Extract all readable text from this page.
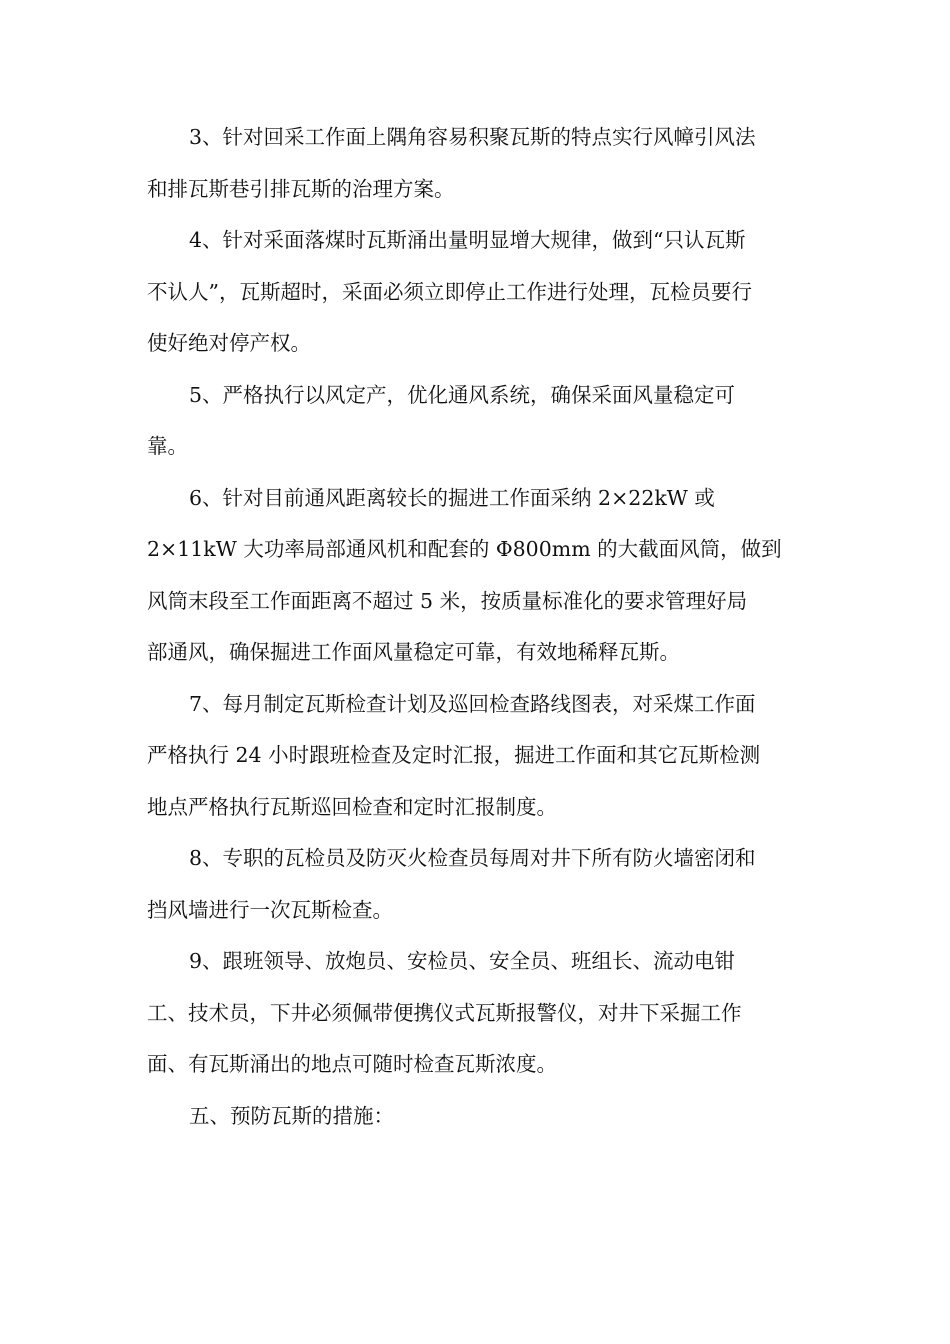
3、针对回采工作面上隅角容易积聚瓦斯的特点实行风幛引风法
和排瓦斯巷引排瓦斯的治理方案。
4、针对采面落煤时瓦斯涌出量明显增大规律，做到“只认瓦斯
不认人”，瓦斯超时，采面必须立即停止工作进行处理，瓦检员要行
使好绝对停产权。
5、严格执行以风定产，优化通风系统，确保采面风量稳定可
靠。
6、针对目前通风距离较长的掘进工作面采纳 2×22kW 或
2×11kW 大功率局部通风机和配套的 Φ800mm 的大截面风筒，做到
风筒末段至工作面距离不超过 5 米，按质量标准化的要求管理好局
部通风，确保掘进工作面风量稳定可靠，有效地稀释瓦斯。
7、每月制定瓦斯检查计划及巡回检查路线图表，对采煤工作面
严格执行 24 小时跟班检查及定时汇报，掘进工作面和其它瓦斯检测
地点严格执行瓦斯巡回检查和定时汇报制度。
8、专职的瓦检员及防灭火检查员每周对井下所有防火墙密闭和
挡风墙进行一次瓦斯检查。
9、跟班领导、放炮员、安检员、安全员、班组长、流动电钳
工、技术员，下井必须佩带便携仪式瓦斯报警仪，对井下采掘工作
面、有瓦斯涌出的地点可随时检查瓦斯浓度。
五、预防瓦斯的措施：
